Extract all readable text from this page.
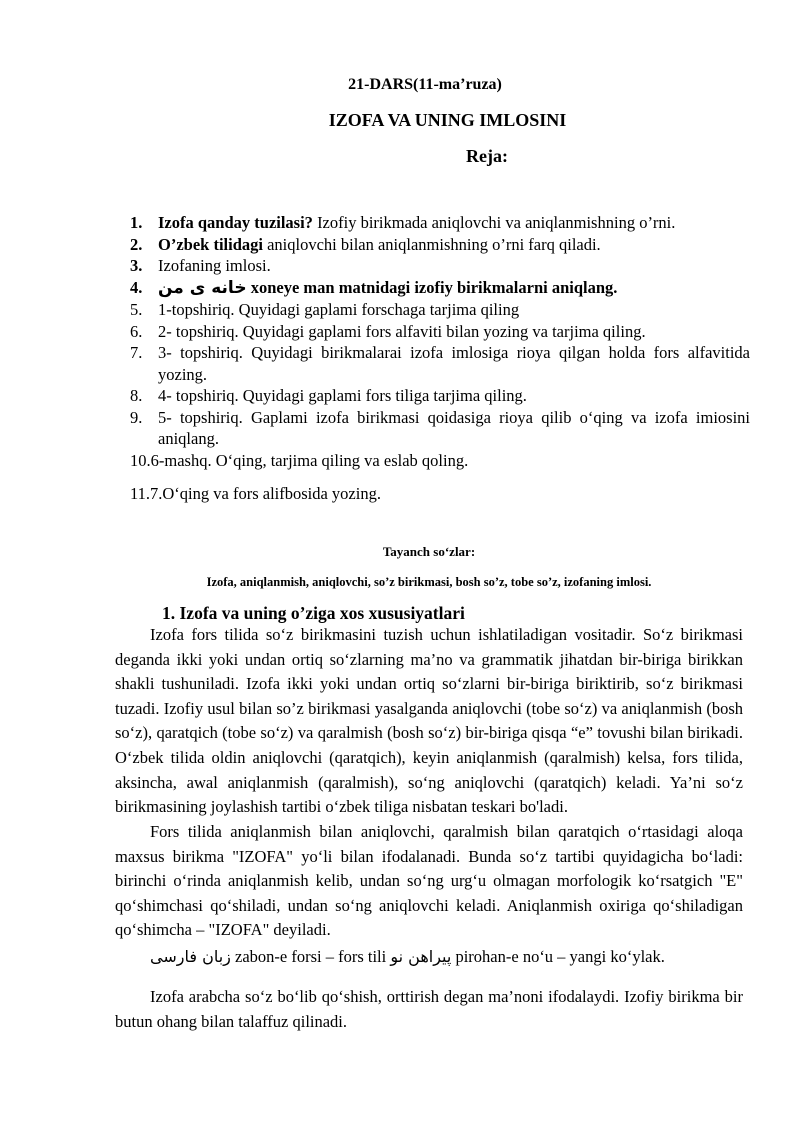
21-DARS(11-ma’ruza)
IZOFA VA UNING IMLOSINI
Reja:

1. Izofa qanday tuzilasi? Izofiy birikmada aniqlovchi va aniqlanmishning o’rni.

2. O’zbek tilidagi aniqlovchi bilan aniqlanmishning o’rni farq qiladi.

3. Izofaning imlosi.

4. خانه ی من xoneye man matnidagi izofiy birikmalarni aniqlang.

5. 1-topshiriq. Quyidagi gaplami forschaga tarjima qiling

6. 2- topshiriq. Quyidagi gaplami fors alfaviti bilan yozing va tarjima qiling.

7. 3- topshiriq. Quyidagi birikmalarai izofa imlosiga rioya qilgan holda fors alfavitida yozing.

8. 4- topshiriq. Quyidagi gaplami fors tiliga tarjima qiling.

9. 5- topshiriq. Gaplami izofa birikmasi qoidasiga rioya qilib o‘qing va izofa imiosini aniqlang.

10.6-mashq. O‘qing, tarjima qiling va eslab qoling.

11.7.O‘qing va fors alifbosida yozing.

Tayanch so‘zlar:
Izofa, aniqlanmish, aniqlovchi, so’z birikmasi, bosh so’z, tobe so’z, izofaning imlosi.
1. Izofa va uning o’ziga xos xususiyatlari
Izofa fors tilida so‘z birikmasini tuzish uchun ishlatiladigan vositadir. So‘z birikmasi deganda ikki yoki undan ortiq so‘zlarning ma’no va grammatik jihatdan bir-biriga birikkan shakli tushuniladi. Izofa ikki yoki undan ortiq so‘zlarni bir-biriga biriktirib, so‘z birikmasi tuzadi. Izofiy usul bilan so’z birikmasi yasalganda aniqlovchi (tobe so‘z) va aniqlanmish (bosh so‘z), qaratqich (tobe so‘z) va qaralmish (bosh so‘z) bir-biriga qisqa “e” tovushi bilan birikadi. O‘zbek tilida oldin aniqlovchi (qaratqich), keyin aniqlanmish (qaralmish) kelsa, fors tilida, aksincha, awal aniqlanmish (qaralmish), so‘ng aniqlovchi (qaratqich) keladi. Ya’ni so‘z birikmasining joylashish tartibi o‘zbek tiliga nisbatan teskari bo'ladi.
Fors tilida aniqlanmish bilan aniqlovchi, qaralmish bilan qaratqich o‘rtasidagi aloqa maxsus birikma "IZOFA" yo‘li bilan ifodalanadi. Bunda so‘z tartibi quyidagicha bo‘ladi: birinchi o‘rinda aniqlanmish kelib, undan so‘ng urg‘u olmagan morfologik ko‘rsatgich "E" qo‘shimchasi qo‘shiladi, undan so‘ng aniqlovchi keladi. Aniqlanmish oxiriga qo‘shiladigan qo‘shimcha – "IZOFA" deyiladi.
زبان فارسی zabon-e forsi – fors tili پیراهن نو pirohan-e no‘u – yangi ko‘ylak.
Izofa arabcha so‘z bo‘lib qo‘shish, orttirish degan ma’noni ifodalaydi. Izofiy birikma bir butun ohang bilan talaffuz qilinadi.
